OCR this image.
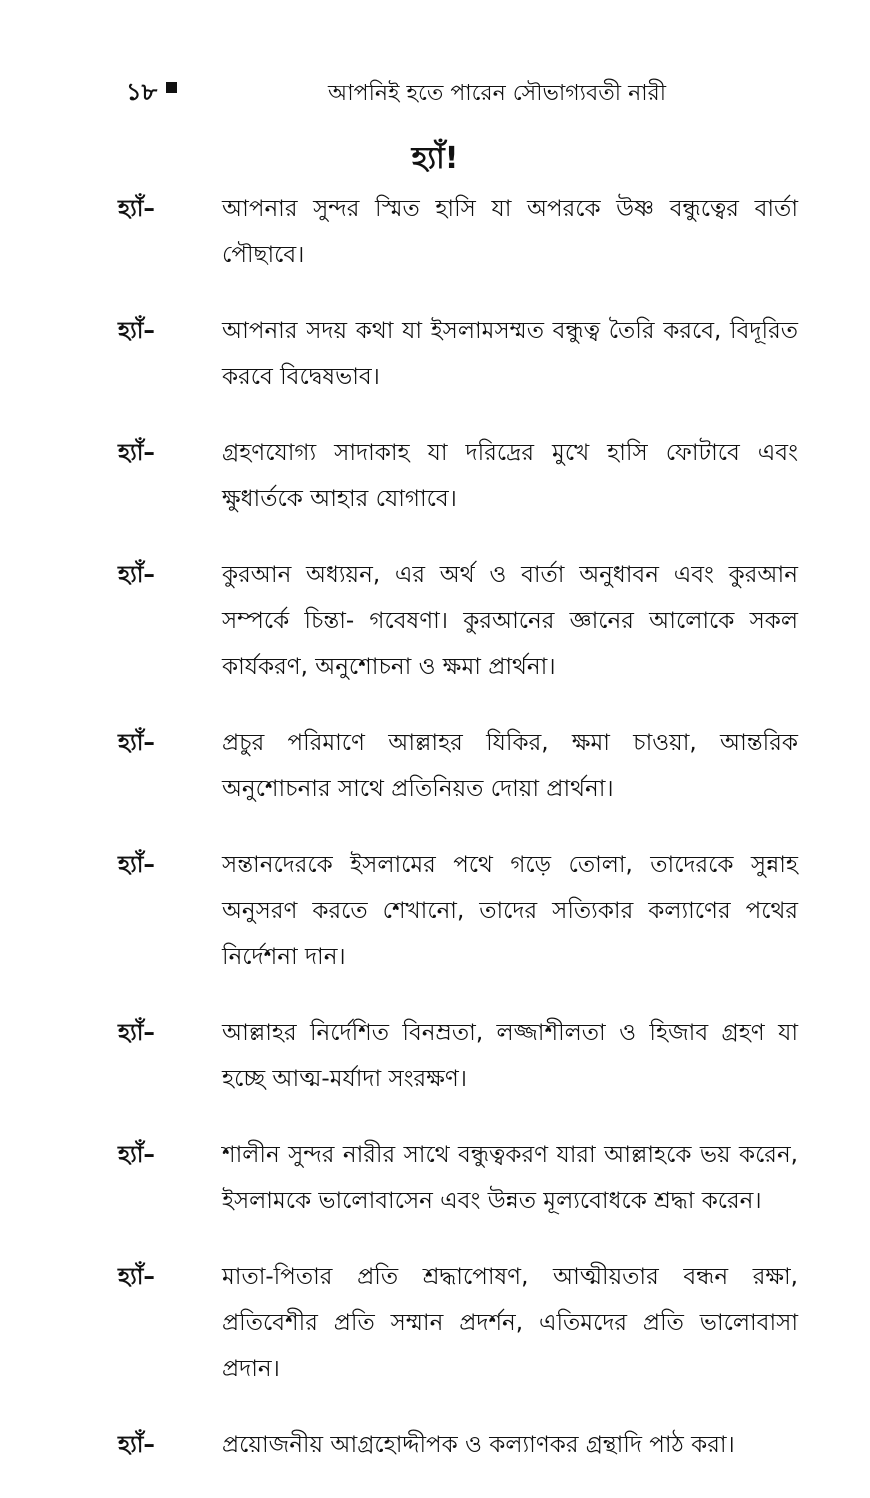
১৮	আপনিই হতে পারেন সৌভাগ্যবতী নারী
হ্যাঁ!
হ্যাঁ–	আপনার সুন্দর স্মিত হাসি যা অপরকে উষ্ণ বন্ধুত্বের বার্তা পৌছাবে।
হ্যাঁ–	আপনার সদয় কথা যা ইসলামসম্মত বন্ধুত্ব তৈরি করবে, বিদূরিত করবে বিদ্বেষভাব।
হ্যাঁ–	গ্রহণযোগ্য সাদাকাহ যা দরিদ্রের মুখে হাসি ফোটাবে এবং ক্ষুধার্তকে আহার যোগাবে।
হ্যাঁ–	কুরআন অধ্যয়ন, এর অর্থ ও বার্তা অনুধাবন এবং কুরআন সম্পর্কে চিন্তা- গবেষণা। কুরআনের জ্ঞানের আলোকে সকল কার্যকরণ, অনুশোচনা ও ক্ষমা প্রার্থনা।
হ্যাঁ–	প্রচুর পরিমাণে আল্লাহর যিকির, ক্ষমা চাওয়া, আন্তরিক অনুশোচনার সাথে প্রতিনিয়ত দোয়া প্রার্থনা।
হ্যাঁ–	সন্তানদেরকে ইসলামের পথে গড়ে তোলা, তাদেরকে সুন্নাহ অনুসরণ করতে শেখানো, তাদের সত্যিকার কল্যাণের পথের নির্দেশনা দান।
হ্যাঁ–	আল্লাহর নির্দেশিত বিনম্রতা, লজ্জাশীলতা ও হিজাব গ্রহণ যা হচ্ছে আত্ম-মর্যাদা সংরক্ষণ।
হ্যাঁ–	শালীন সুন্দর নারীর সাথে বন্ধুত্বকরণ যারা আল্লাহকে ভয় করেন, ইসলামকে ভালোবাসেন এবং উন্নত মূল্যবোধকে শ্রদ্ধা করেন।
হ্যাঁ–	মাতা-পিতার প্রতি শ্রদ্ধাপোষণ, আত্মীয়তার বন্ধন রক্ষা, প্রতিবেশীর প্রতি সম্মান প্রদর্শন, এতিমদের প্রতি ভালোবাসা প্রদান।
হ্যাঁ–	প্রয়োজনীয় আগ্রহোদ্দীপক ও কল্যাণকর গ্রন্থাদি পাঠ করা।
